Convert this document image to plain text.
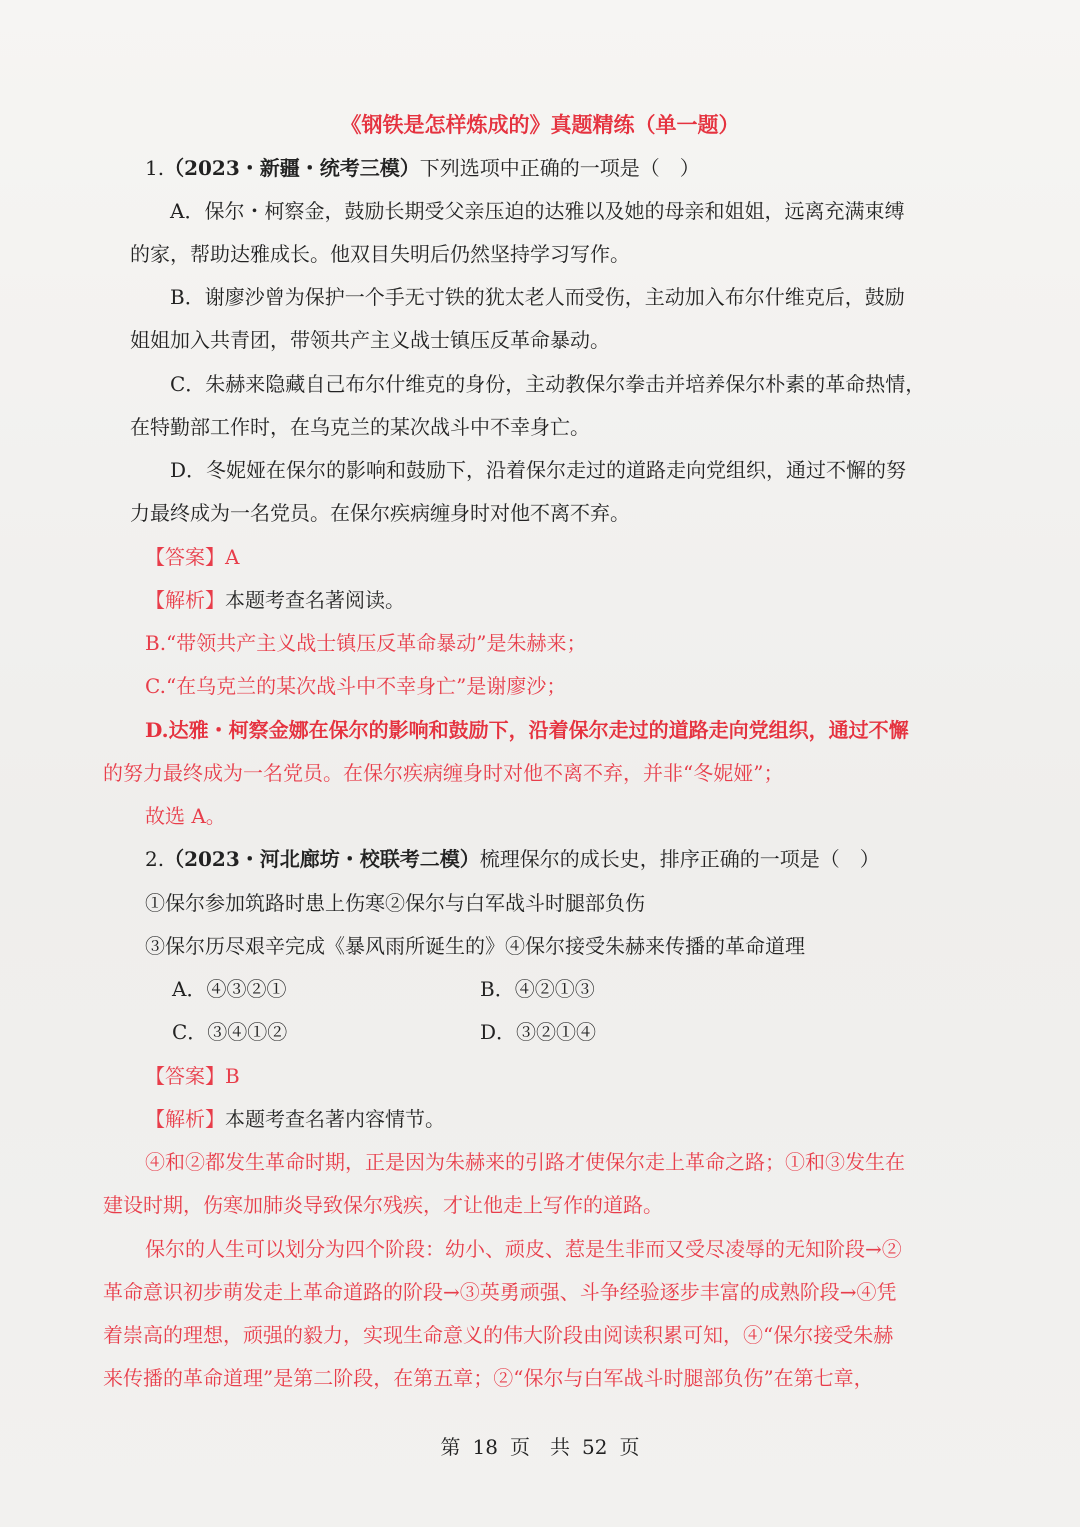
《钢铁是怎样炼成的》真题精练（单一题）
1.（2023・新疆・统考三模）下列选项中正确的一项是（　）
A．保尔・柯察金，鼓励长期受父亲压迫的达雅以及她的母亲和姐姐，远离充满束缚
的家，帮助达雅成长。他双目失明后仍然坚持学习写作。
B．谢廖沙曾为保护一个手无寸铁的犹太老人而受伤，主动加入布尔什维克后，鼓励
姐姐加入共青团，带领共产主义战士镇压反革命暴动。
C．朱赫来隐藏自己布尔什维克的身份，主动教保尔拳击并培养保尔朴素的革命热情，
在特勤部工作时，在乌克兰的某次战斗中不幸身亡。
D．冬妮娅在保尔的影响和鼓励下，沿着保尔走过的道路走向党组织，通过不懈的努
力最终成为一名党员。在保尔疾病缠身时对他不离不弃。
【答案】A
【解析】本题考查名著阅读。
B.“带领共产主义战士镇压反革命暴动”是朱赫来；
C.“在乌克兰的某次战斗中不幸身亡”是谢廖沙；
D.达雅・柯察金娜在保尔的影响和鼓励下，沿着保尔走过的道路走向党组织，通过不懈
的努力最终成为一名党员。在保尔疾病缠身时对他不离不弃，并非“冬妮娅”；
故选 A。
2.（2023・河北廊坊・校联考二模）梳理保尔的成长史，排序正确的一项是（　）
①保尔参加筑路时患上伤寒②保尔与白军战斗时腿部负伤
③保尔历尽艰辛完成《暴风雨所诞生的》④保尔接受朱赫来传播的革命道理
A．④③②①	B．④②①③
C．③④①②	D．③②①④
【答案】B
【解析】本题考查名著内容情节。
④和②都发生革命时期，正是因为朱赫来的引路才使保尔走上革命之路；①和③发生在
建设时期，伤寒加肺炎导致保尔残疾，才让他走上写作的道路。
保尔的人生可以划分为四个阶段：幼小、顽皮、惹是生非而又受尽凌辱的无知阶段→②
革命意识初步萌发走上革命道路的阶段→③英勇顽强、斗争经验逐步丰富的成熟阶段→④凭
着崇高的理想，顽强的毅力，实现生命意义的伟大阶段由阅读积累可知，④“保尔接受朱赫
来传播的革命道理”是第二阶段，在第五章；②“保尔与白军战斗时腿部负伤”在第七章，
第 18 页　共 52 页
